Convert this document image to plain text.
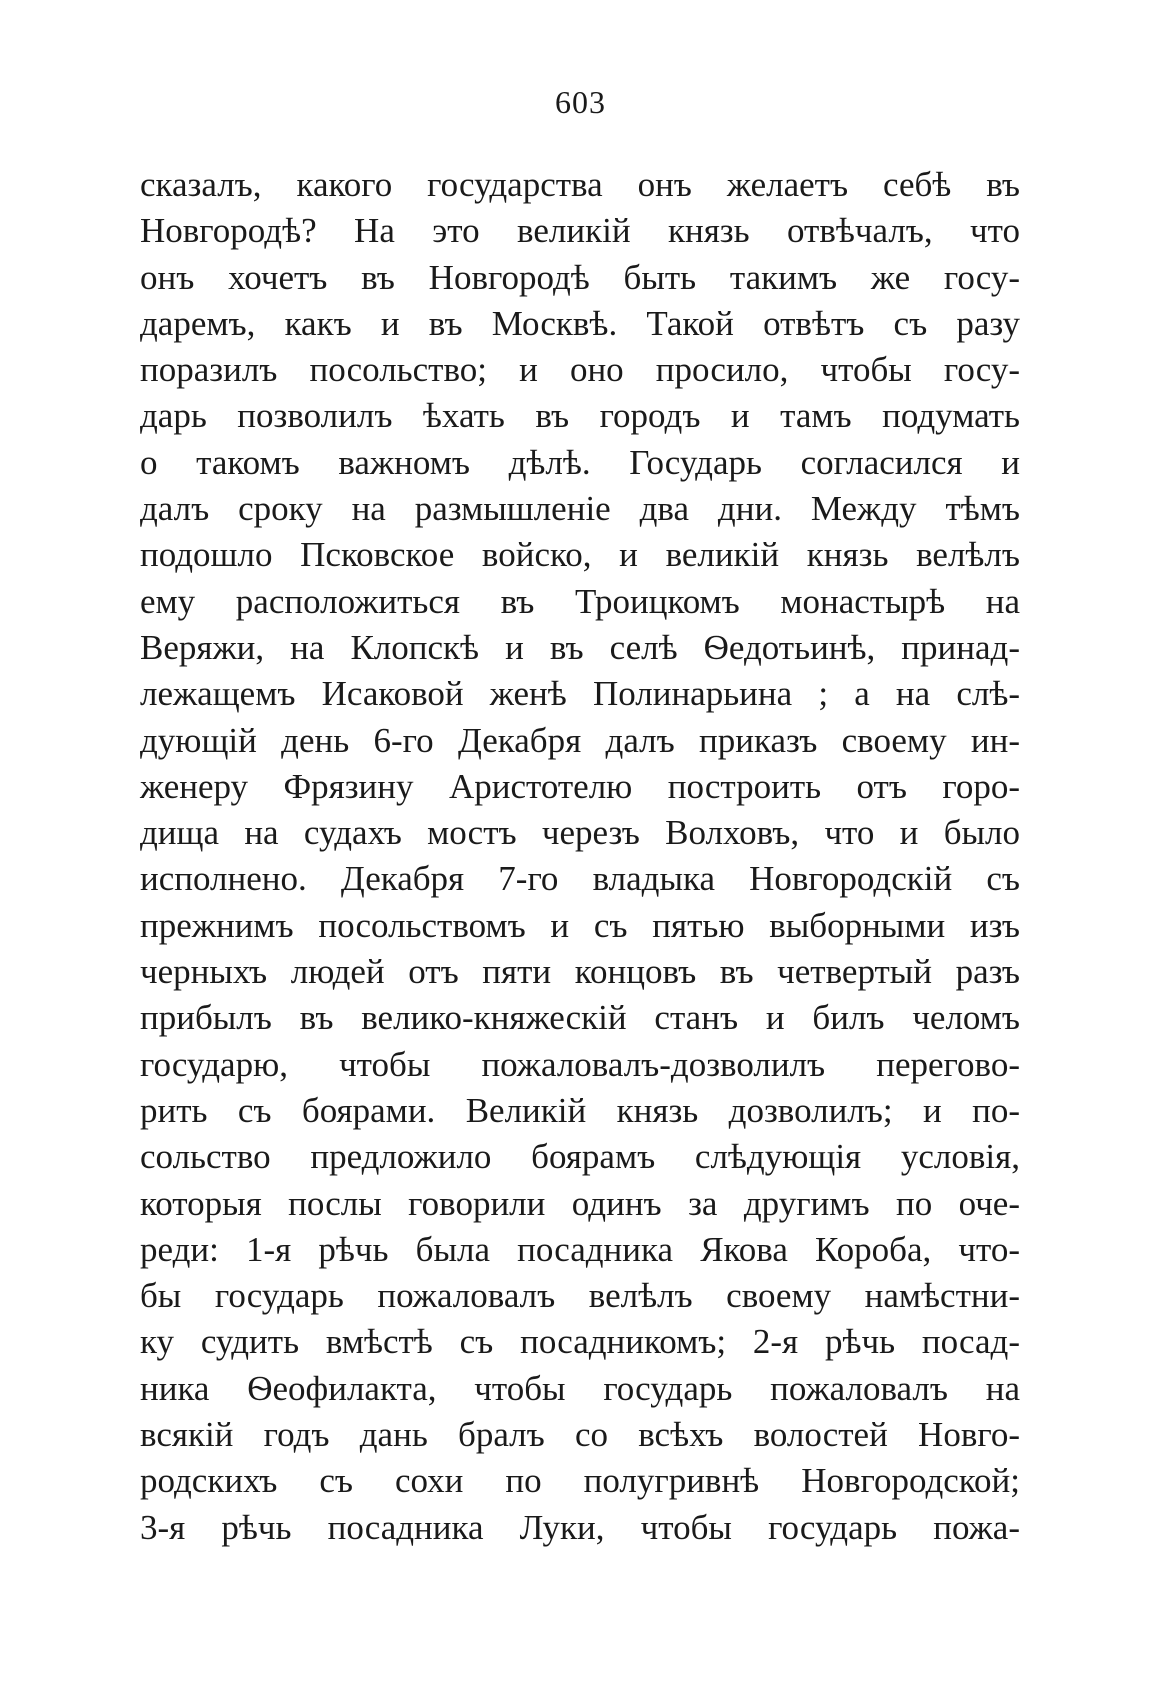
603
сказалъ, какого государства онъ желаетъ себѣ въ
Новгородѣ? На это великій князь отвѣчалъ, что
онъ хочетъ въ Новгородѣ быть такимъ же госу-
даремъ, какъ и въ Москвѣ. Такой отвѣтъ съ разу
поразилъ посольство; и оно просило, чтобы госу-
дарь позволилъ ѣхать въ городъ и тамъ подумать
о такомъ важномъ дѣлѣ. Государь согласился и
далъ сроку на размышленіе два дни. Между тѣмъ
подошло Псковское войско, и великій князь велѣлъ
ему расположиться въ Троицкомъ монастырѣ на
Веряжи, на Клопскѣ и въ селѣ Ѳедотьинѣ, принад-
лежащемъ Исаковой женѣ Полинарьина ; а на слѣ-
дующій день 6-го Декабря далъ приказъ своему ин-
женеру Фрязину Аристотелю построить отъ горо-
дища на судахъ мостъ черезъ Волховъ, что и было
исполнено. Декабря 7-го владыка Новгородскій съ
прежнимъ посольствомъ и съ пятью выборными изъ
черныхъ людей отъ пяти концовъ въ четвертый разъ
прибылъ въ велико-княжескій станъ и билъ челомъ
государю, чтобы пожаловалъ-дозволилъ перегово-
рить съ боярами. Великій князь дозволилъ; и по-
сольство предложило боярамъ слѣдующія условія,
которыя послы говорили одинъ за другимъ по оче-
реди: 1-я рѣчь была посадника Якова Короба, что-
бы государь пожаловалъ велѣлъ своему намѣстни-
ку судить вмѣстѣ съ посадникомъ; 2-я рѣчь посад-
ника Ѳеофилакта, чтобы государь пожаловалъ на
всякій годъ дань бралъ со всѣхъ волостей Новго-
родскихъ съ сохи по полугривнѣ Новгородской;
3-я рѣчь посадника Луки, чтобы государь пожа-
